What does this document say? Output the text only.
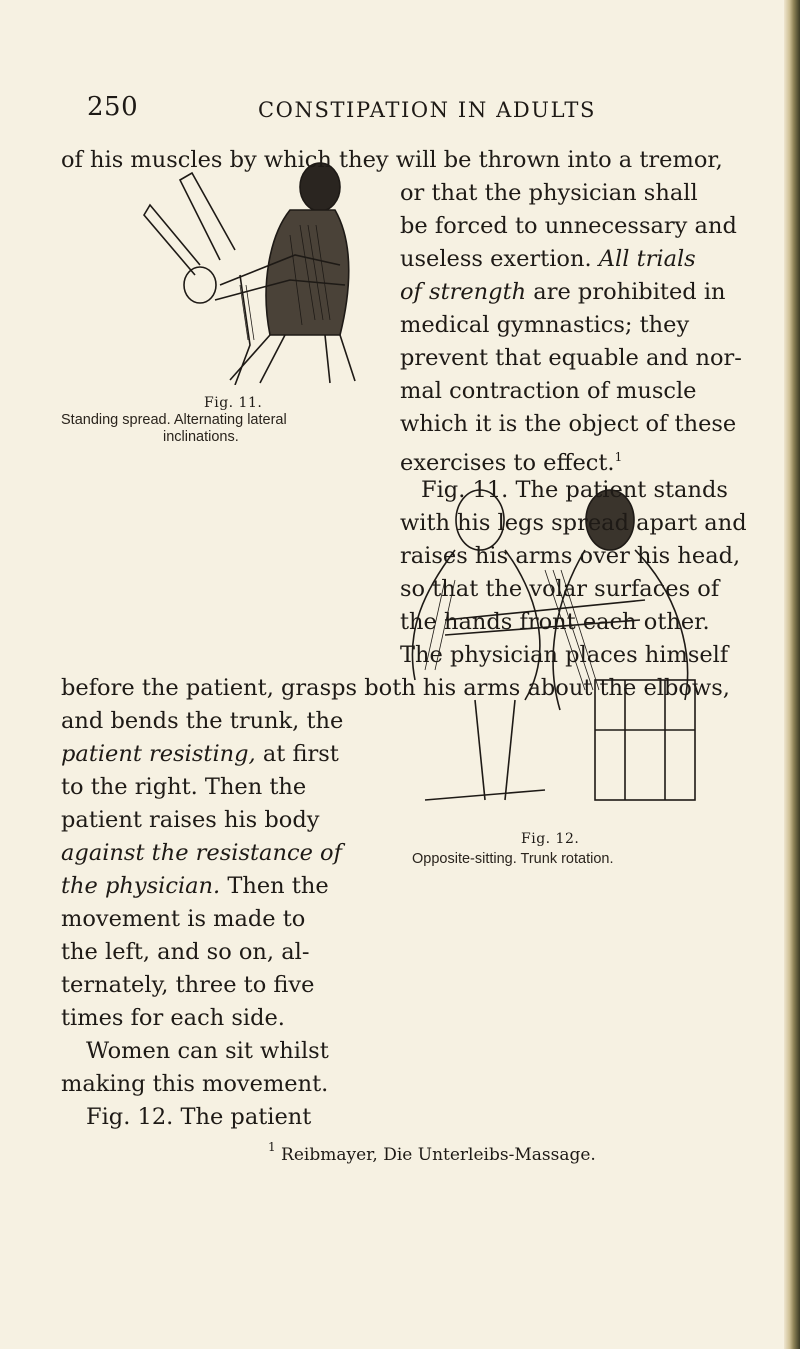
250	CONSTIPATION IN ADULTS
Fig. 11.
Standing spread. Alternating lateral
inclinations.
Fig. 12.
Opposite-sitting. Trunk rotation.
of his muscles by which they will be thrown into a tremor,
or that the physician shall
be forced to unnecessary and
useless exertion. All trials
of strength are prohibited in
medical gymnastics; they
prevent that equable and nor-
mal contraction of muscle
which it is the object of these
exercises to effect.$^1$
Fig. 11. The patient stands
with his legs spread apart and
raises his arms over his head,
so that the volar surfaces of
the hands front each other.
The physician places himself
before the patient, grasps both his arms about the elbows,
and bends the trunk, the
patient resisting, at first
to the right. Then the
patient raises his body
against the resistance of
the physician. Then the
movement is made to
the left, and so on, al-
ternately, three to five
times for each side.
Women can sit whilst
making this movement.
Fig. 12. The patient
$^1$ Reibmayer, Die Unterleibs-Massage.
